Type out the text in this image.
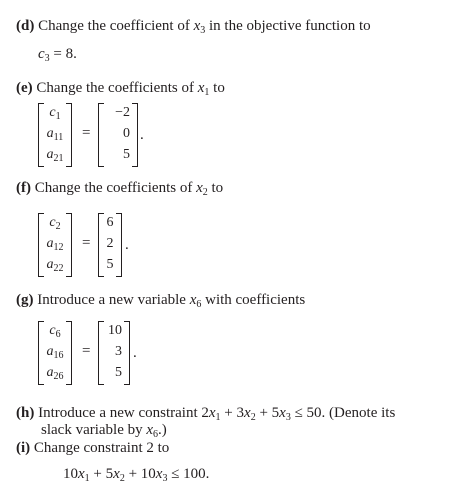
(d) Change the coefficient of $x_3$ in the objective function to
$c_3 = 8$.
(e) Change the coefficients of $x_1$ to
$c_1$
$a_{11}$
$a_{21}$
=
−2
0
5
.
(f) Change the coefficients of $x_2$ to
$c_2$
$a_{12}$
$a_{22}$
=
6
2
5
.
(g) Introduce a new variable $x_6$ with coefficients
$c_6$
$a_{16}$
$a_{26}$
=
10
3
5
.
(h) Introduce a new constraint $2x_1 + 3x_2 + 5x_3 \le 50$. (Denote its
slack variable by $x_6$.)
(i) Change constraint 2 to
$10x_1 + 5x_2 + 10x_3 \le 100$.
